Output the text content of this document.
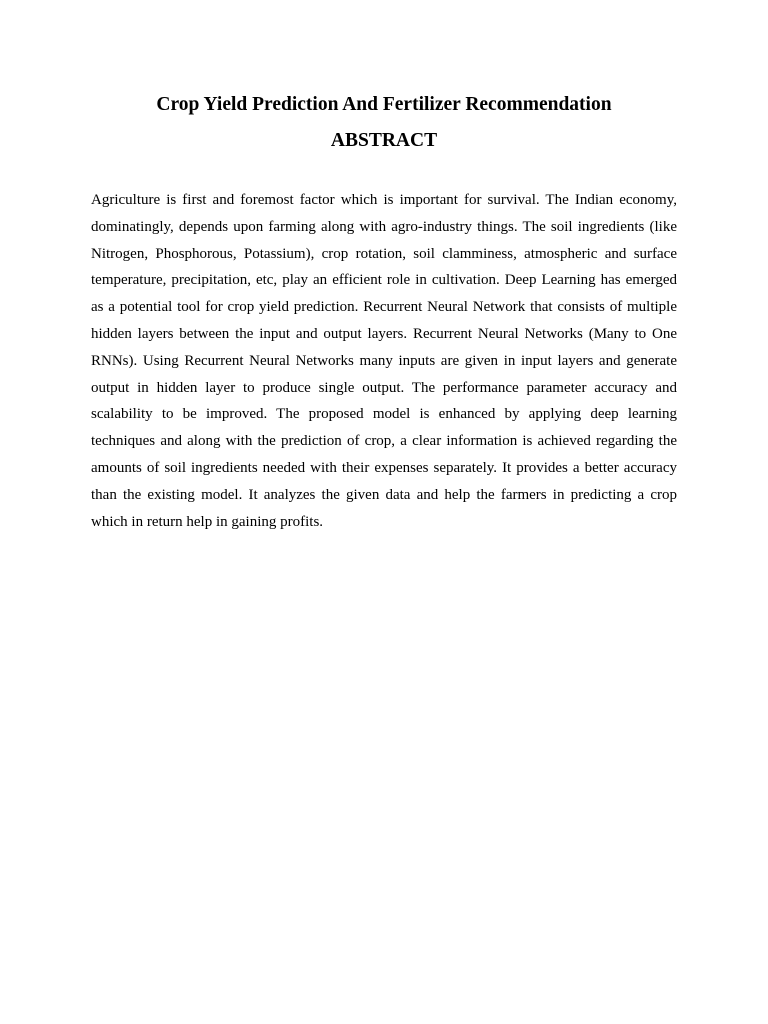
Crop Yield Prediction And Fertilizer Recommendation
ABSTRACT

Agriculture is first and foremost factor which is important for survival. The Indian economy, dominatingly, depends upon farming along with agro-industry things. The soil ingredients (like Nitrogen, Phosphorous, Potassium), crop rotation, soil clamminess, atmospheric and surface temperature, precipitation, etc, play an efficient role in cultivation. Deep Learning has emerged as a potential tool for crop yield prediction. Recurrent Neural Network that consists of multiple hidden layers between the input and output layers. Recurrent Neural Networks (Many to One RNNs). Using Recurrent Neural Networks many inputs are given in input layers and generate output in hidden layer to produce single output. The performance parameter accuracy and scalability to be improved. The proposed model is enhanced by applying deep learning techniques and along with the prediction of crop, a clear information is achieved regarding the amounts of soil ingredients needed with their expenses separately. It provides a better accuracy than the existing model. It analyzes the given data and help the farmers in predicting a crop which in return help in gaining profits.
